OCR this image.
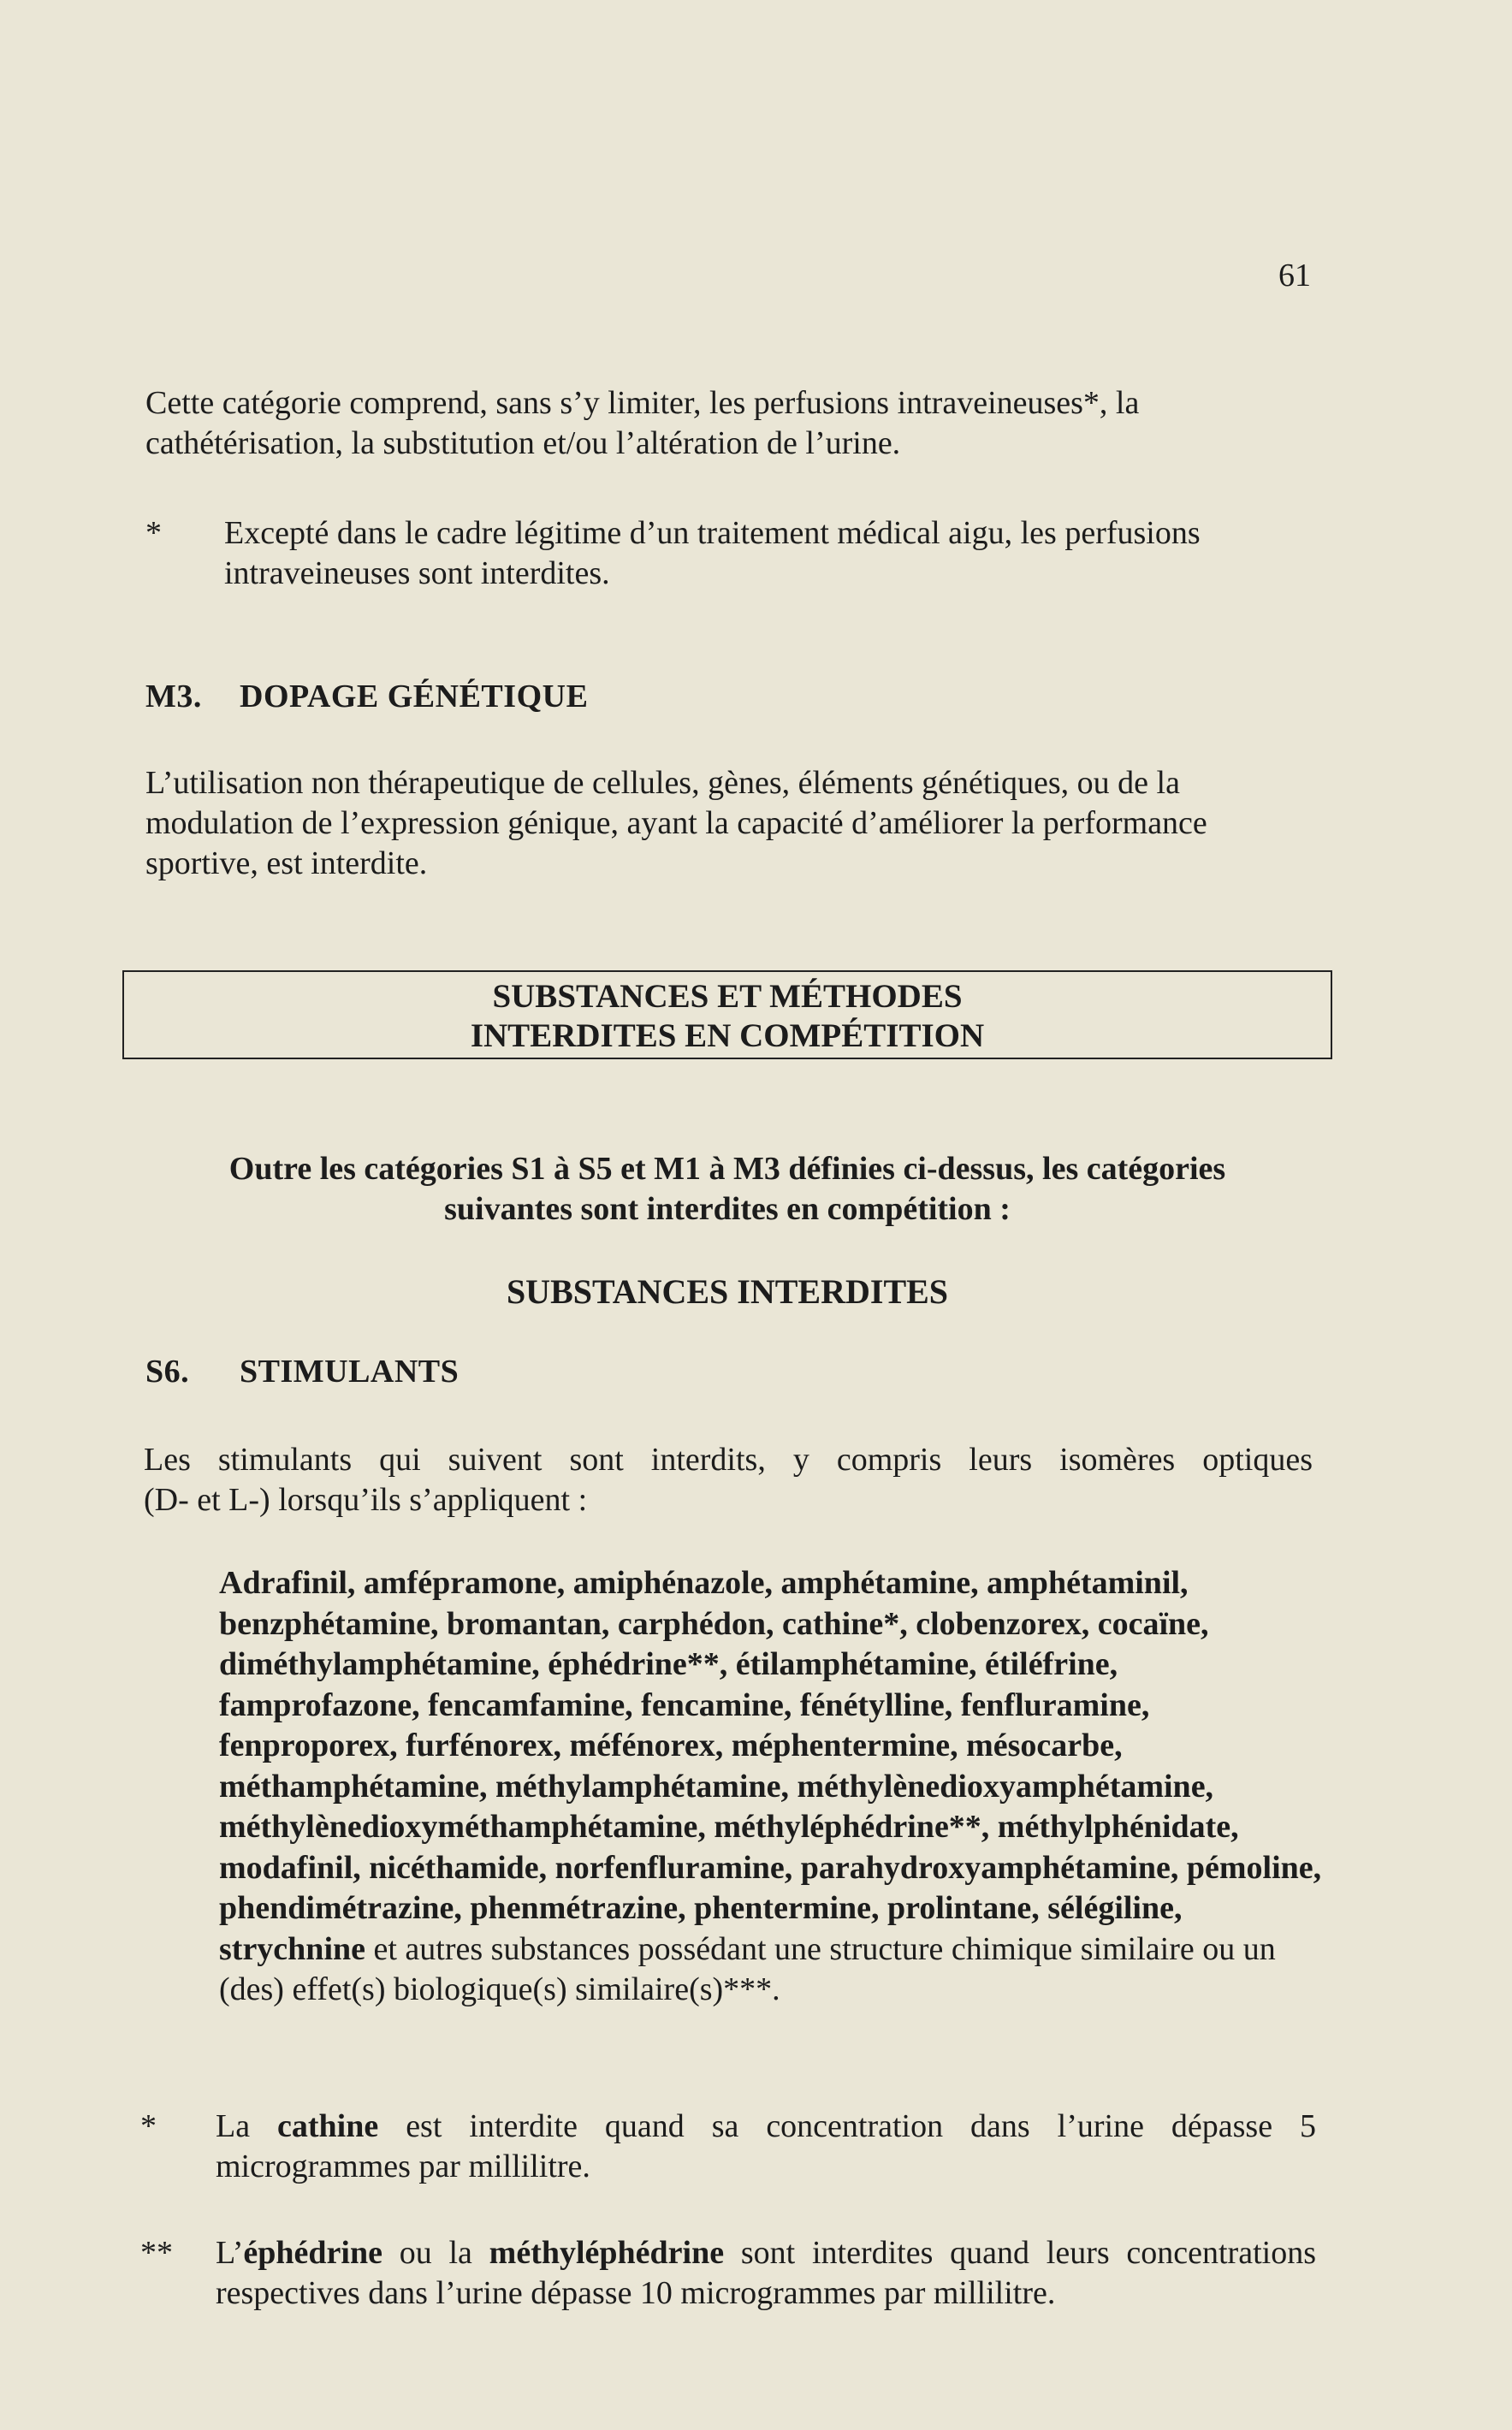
61
Cette catégorie comprend, sans s’y limiter, les perfusions intraveineuses*, la cathétérisation, la substitution et/ou l’altération de l’urine.
* Excepté dans le cadre légitime d’un traitement médical aigu, les perfusions intraveineuses sont interdites.
M3. DOPAGE GÉNÉTIQUE
L’utilisation non thérapeutique de cellules, gènes, éléments génétiques, ou de la modulation de l’expression génique, ayant la capacité d’améliorer la performance sportive, est interdite.
SUBSTANCES ET MÉTHODES
INTERDITES EN COMPÉTITION
Outre les catégories S1 à S5 et M1 à M3 définies ci-dessus, les catégories
suivantes sont interdites en compétition :
SUBSTANCES INTERDITES
S6. STIMULANTS
Les stimulants qui suivent sont interdits, y compris leurs isomères optiques
(D- et L-) lorsqu’ils s’appliquent :
Adrafinil, amfépramone, amiphénazole, amphétamine, amphétaminil, benzphétamine, bromantan, carphédon, cathine*, clobenzorex, cocaïne, diméthylamphétamine, éphédrine**, étilamphétamine, étiléfrine, famprofazone, fencamfamine, fencamine, fénétylline, fenfluramine, fenproporex, furfénorex, méfénorex, méphentermine, mésocarbe, méthamphétamine, méthylamphétamine, méthylènedioxyamphétamine, méthylènedioxyméthamphétamine, méthyléphédrine**, méthylphénidate, modafinil, nicéthamide, norfenfluramine, parahydroxyamphétamine, pémoline, phendimétrazine, phenmétrazine, phentermine, prolintane, sélégiline, strychnine et autres substances possédant une structure chimique similaire ou un (des) effet(s) biologique(s) similaire(s)***.
* La cathine est interdite quand sa concentration dans l’urine dépasse 5 microgrammes par millilitre.
** L’éphédrine ou la méthyléphédrine sont interdites quand leurs concentrations respectives dans l’urine dépasse 10 microgrammes par millilitre.
